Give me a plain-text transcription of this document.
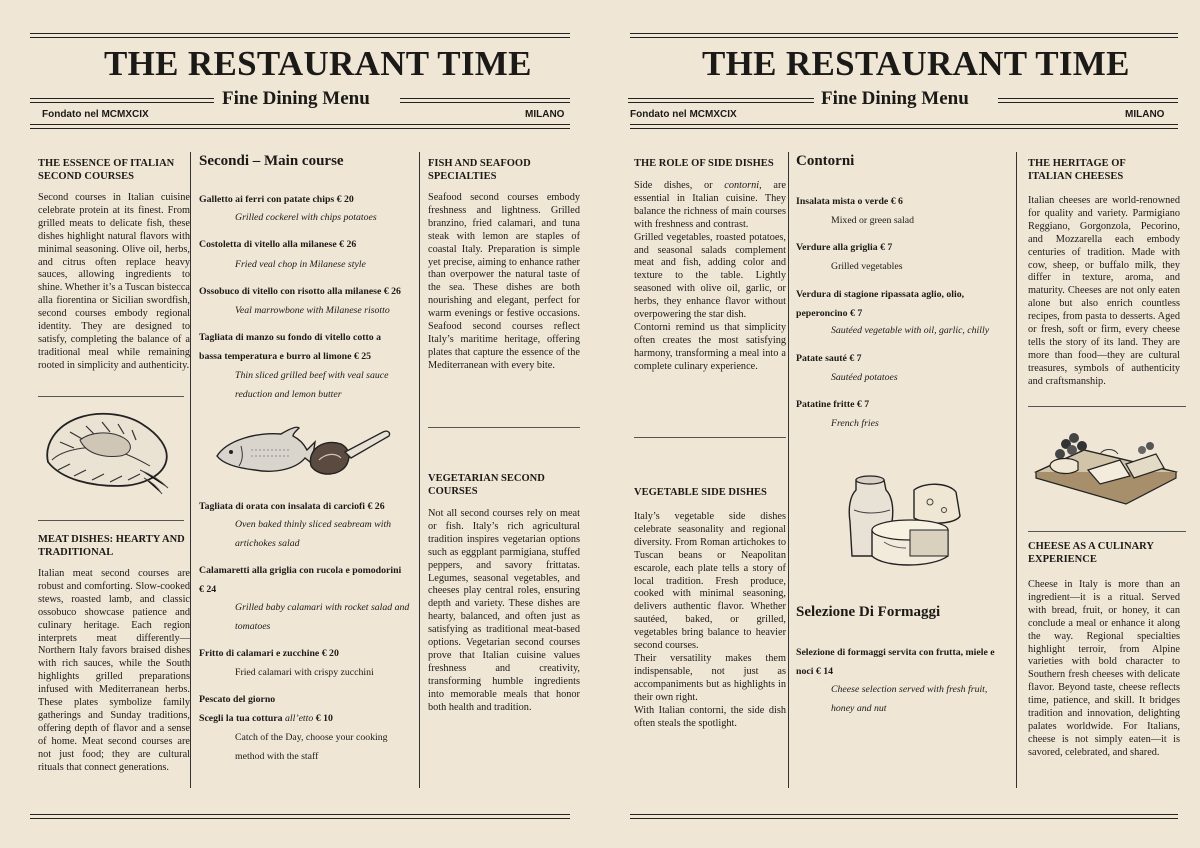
THE RESTAURANT TIME
Fine Dining Menu
Fondato nel MCMXCIX	MILANO
THE ESSENCE OF ITALIAN SECOND COURSES
Second courses in Italian cuisine celebrate protein at its finest. From grilled meats to delicate fish, these dishes highlight natural flavors with minimal seasoning. Olive oil, herbs, and citrus often replace heavy sauces, allowing ingredients to shine. Whether it’s a Tuscan bistecca alla fiorentina or Sicilian swordfish, second courses embody regional identity. They are designed to satisfy, completing the balance of a traditional meal while remaining rooted in simplicity and authenticity.
MEAT DISHES: HEARTY AND TRADITIONAL
Italian meat second courses are robust and comforting. Slow-cooked stews, roasted lamb, and classic ossobuco showcase patience and culinary heritage. Each region interprets meat differently—Northern Italy favors braised dishes with rich sauces, while the South highlights grilled preparations infused with Mediterranean herbs. These plates symbolize family gatherings and Sunday traditions, offering depth of flavor and a sense of home. Meat second courses are not just food; they are cultural rituals that connect generations.
Secondi – Main course
Galletto ai ferri con patate chips € 20
Grilled cockerel with chips potatoes
Costoletta di vitello alla milanese € 26
Fried veal chop in Milanese style
Ossobuco di vitello con risotto alla milanese € 26
Veal marrowbone with Milanese risotto
Tagliata di manzo su fondo di vitello cotto a bassa temperatura e burro al limone € 25
Thin sliced grilled beef with veal sauce reduction and lemon butter
Tagliata di orata con insalata di carciofi € 26
Oven baked thinly sliced seabream with artichokes salad
Calamaretti alla griglia con rucola e pomodorini € 24
Grilled baby calamari with rocket salad and tomatoes
Fritto di calamari e zucchine € 20
Fried calamari with crispy zucchini
Pescato del giorno
Scegli la tua cottura all’etto € 10
Catch of the Day, choose your cooking method with the staff
FISH AND SEAFOOD SPECIALTIES
Seafood second courses embody freshness and lightness. Grilled branzino, fried calamari, and tuna steak with lemon are staples of coastal Italy. Preparation is simple yet precise, aiming to enhance rather than overpower the natural taste of the sea. These dishes are both nourishing and elegant, perfect for warm evenings or festive occasions. Seafood second courses reflect Italy’s maritime heritage, offering plates that capture the essence of the Mediterranean with every bite.
VEGETARIAN SECOND COURSES
Not all second courses rely on meat or fish. Italy’s rich agricultural tradition inspires vegetarian options such as eggplant parmigiana, stuffed peppers, and savory frittatas. Legumes, seasonal vegetables, and cheeses play central roles, ensuring depth and variety. These dishes are hearty, balanced, and often just as satisfying as traditional meat-based options. Vegetarian second courses prove that Italian cuisine values freshness and creativity, transforming humble ingredients into memorable meals that honor both health and tradition.
THE RESTAURANT TIME
Fine Dining Menu
Fondato nel MCMXCIX	MILANO
THE ROLE OF SIDE DISHES
Side dishes, or contorni, are essential in Italian cuisine. They balance the richness of main courses with freshness and contrast.
Grilled vegetables, roasted potatoes, and seasonal salads complement meat and fish, adding color and texture to the table. Lightly seasoned with olive oil, garlic, or herbs, they enhance flavor without overpowering the star dish.
Contorni remind us that simplicity often creates the most satisfying harmony, transforming a meal into a complete culinary experience.
VEGETABLE SIDE DISHES
Italy’s vegetable side dishes celebrate seasonality and regional diversity. From Roman artichokes to Tuscan beans or Neapolitan escarole, each plate tells a story of local tradition. Fresh produce, cooked with minimal seasoning, delivers authentic flavor. Whether sautéed, baked, or grilled, vegetables bring balance to heavier second courses.
Their versatility makes them indispensable, not just as accompaniments but as highlights in their own right.
With Italian contorni, the side dish often steals the spotlight.
Contorni
Insalata mista o verde € 6
Mixed or green salad
Verdure alla griglia € 7
Grilled vegetables
Verdura di stagione ripassata aglio, olio, peperoncino € 7
Sautéed vegetable with oil, garlic, chilly
Patate sauté € 7
Sautéed potatoes
Patatine fritte € 7
French fries
Selezione Di Formaggi
Selezione di formaggi servita con frutta, miele e noci € 14
Cheese selection served with fresh fruit, honey and nut
THE HERITAGE OF ITALIAN CHEESES
Italian cheeses are world-renowned for quality and variety. Parmigiano Reggiano, Gorgonzola, Pecorino, and Mozzarella each embody centuries of tradition. Made with cow, sheep, or buffalo milk, they differ in texture, aroma, and maturity. Cheeses are not only eaten alone but also enrich countless recipes, from pasta to desserts. Aged or fresh, soft or firm, every cheese tells the story of its land. They are more than food—they are cultural treasures, symbols of authenticity and craftsmanship.
CHEESE AS A CULINARY EXPERIENCE
Cheese in Italy is more than an ingredient—it is a ritual. Served with bread, fruit, or honey, it can conclude a meal or enhance it along the way. Regional specialties highlight terroir, from Alpine varieties with bold character to Southern fresh cheeses with delicate flavor. Beyond taste, cheese reflects time, patience, and skill. It bridges tradition and innovation, delighting palates worldwide. For Italians, cheese is not simply eaten—it is savored, celebrated, and shared.
